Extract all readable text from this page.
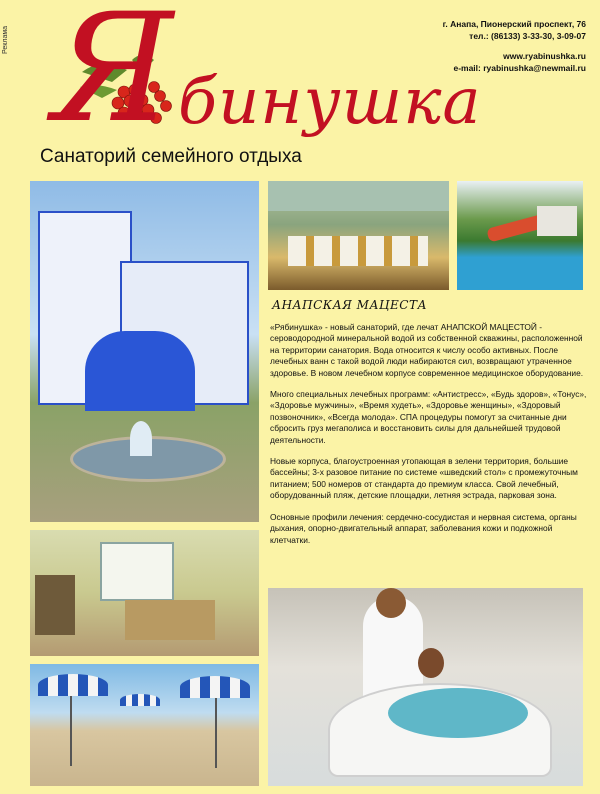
Реклама Я бинушка
Санаторий семейного отдыха
г. Анапа, Пионерский проспект, 76
тел.: (86133) 3-33-30, 3-09-07
www.ryabinushka.ru
e-mail: ryabinushka@newmail.ru
АНАПСКАЯ МАЦЕСТА

«Рябинушка» - новый санаторий, где лечат АНАПСКОЙ МАЦЕСТОЙ - сероводородной минеральной водой из собственной скважины, расположенной на территории санатория. Вода относится к числу особо активных. После лечебных ванн с такой водой люди набираются сил, возвращают утраченное здоровье. В новом лечебном корпусе современное медицинское оборудование.

Много специальных лечебных программ: «Антистресс», «Будь здоров», «Тонус», «Здоровье мужчины», «Время худеть», «Здоровье женщины», «Здоровый позвоночник», «Всегда молода». СПА процедуры помогут за считанные дни сбросить груз мегаполиса и восстановить силы для дальнейшей трудовой деятельности.

Новые корпуса, благоустроенная утопающая в зелени территория, большие бассейны; 3-х разовое питание по системе «шведский стол» с промежуточным питанием; 500 номеров от стандарта до премиум класса. Свой лечебный, оборудованный пляж, детские площадки, летняя эстрада, парковая зона.

Основные профили лечения: сердечно-сосудистая и нервная система, органы дыхания, опорно-двигательный аппарат, заболевания кожи и подкожной клетчатки.
